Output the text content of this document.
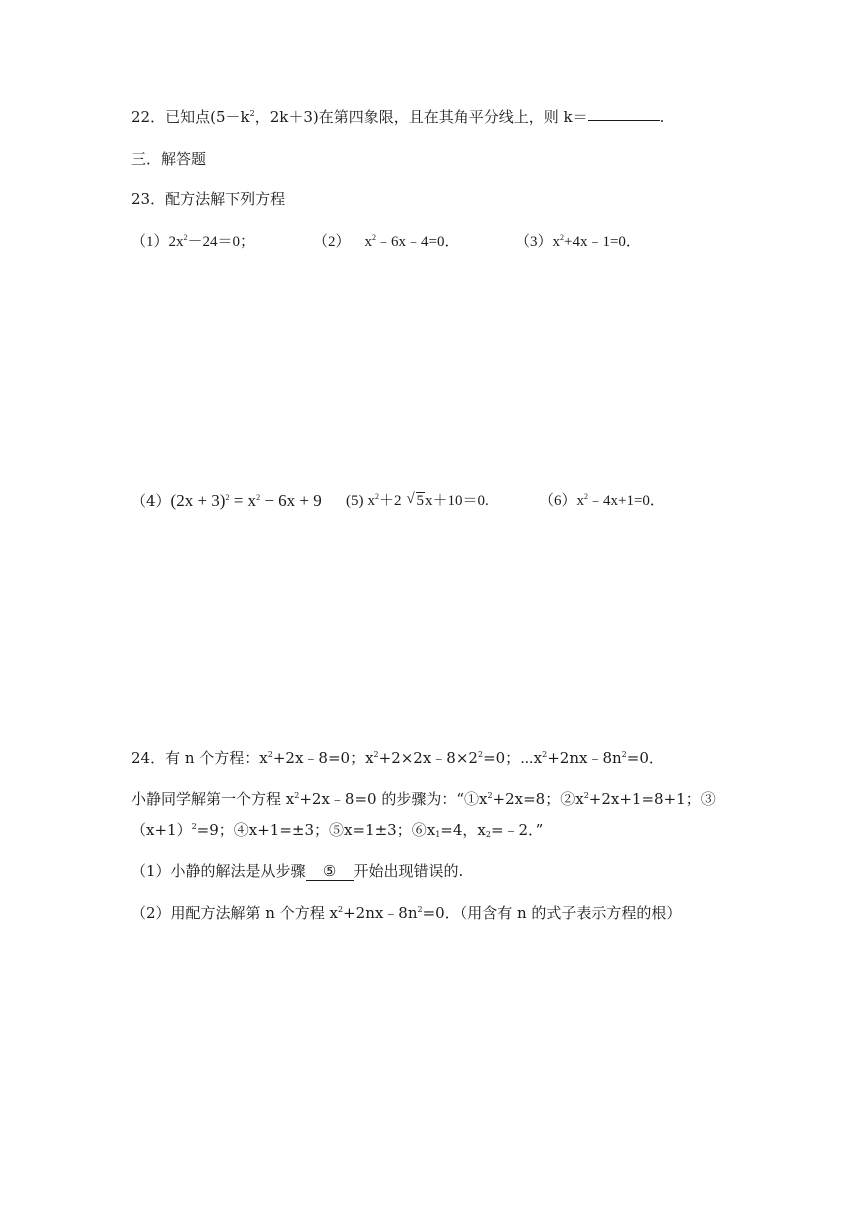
22．已知点($5-k^2$，2k＋3)在第四象限，且在其角平分线上，则 k＝	.
三．解答题
23．配方法解下列方程
$(1)2x^2-24=0$；	（2） $x^2﹣6x﹣4=0$．	$(3)x^2+4x﹣1=0$．
$(4)(2x + 3)^2 = x^2 - 6x + 9$ (5) $x^2+2√$ 5x＋10＝0.	$(6)x^2﹣4x+1=0$．
24．有 n 个方程：$x^2+2x﹣8=0$；$x^2+2\times 2x﹣8\times 2^2=0$；$\cdots x^2+2nx﹣8n^2=0$．
小静同学解第一个方程 $x^2+2x﹣8=0$ 的步骤为：“$①x^2+2x=8$；$②x^2+2x+1=8+1$；③
$(x+1)^2=9$；④x+1=±3；⑤x=1±3；$⑥x_1=4$，$x_2=﹣2$．”
（1）小静的解法是从步骤 ⑤ 开始出现错误的.
（2）用配方法解第 n 个方程 $x^2+2nx﹣8n^2=0$．（用含有 n 的式子表示方程的根）
